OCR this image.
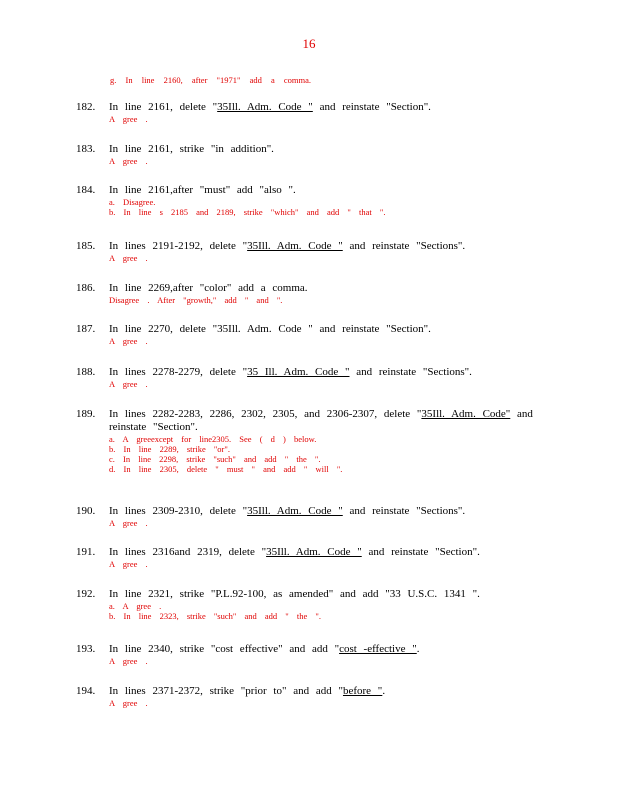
16
g. In line 2160, after "1971" add a comma.
182. In line 2161, delete "35Ill. Adm. Code " and reinstate "Section".
A gree .
183. In line 2161, strike "in addition".
A gree .
184. In line 2161,after "must" add "also ".
a. Disagree.
b. In line s 2185 and 2189, strike "which" and add " that ".
185. In lines 2191-2192, delete "35Ill. Adm. Code " and reinstate "Sections".
A gree .
186. In line 2269,after "color" add a comma.
Disagree . After "growth," add " and ".
187. In line 2270, delete "35Ill. Adm. Code " and reinstate "Section".
A gree .
188. In lines 2278-2279, delete "35 Ill. Adm. Code " and reinstate "Sections".
A gree .
189. In lines 2282-2283, 2286, 2302, 2305, and 2306-2307, delete "35Ill. Adm. Code" and reinstate "Section".
a. A greeexcept for line2305. See ( d ) below.
b. In line 2289, strike "or".
c. In line 2298, strike "such" and add " the ".
d. In line 2305, delete " must " and add " will ".
190. In lines 2309-2310, delete "35Ill. Adm. Code " and reinstate "Sections".
A gree .
191. In lines 2316and 2319, delete "35Ill. Adm. Code " and reinstate "Section".
A gree .
192. In line 2321, strike "P.L.92-100, as amended" and add "33 U.S.C. 1341 ".
a. A gree .
b. In line 2323, strike "such" and add " the ".
193. In line 2340, strike "cost effective" and add "cost -effective ".
A gree .
194. In lines 2371-2372, strike "prior to" and add "before ".
A gree .
